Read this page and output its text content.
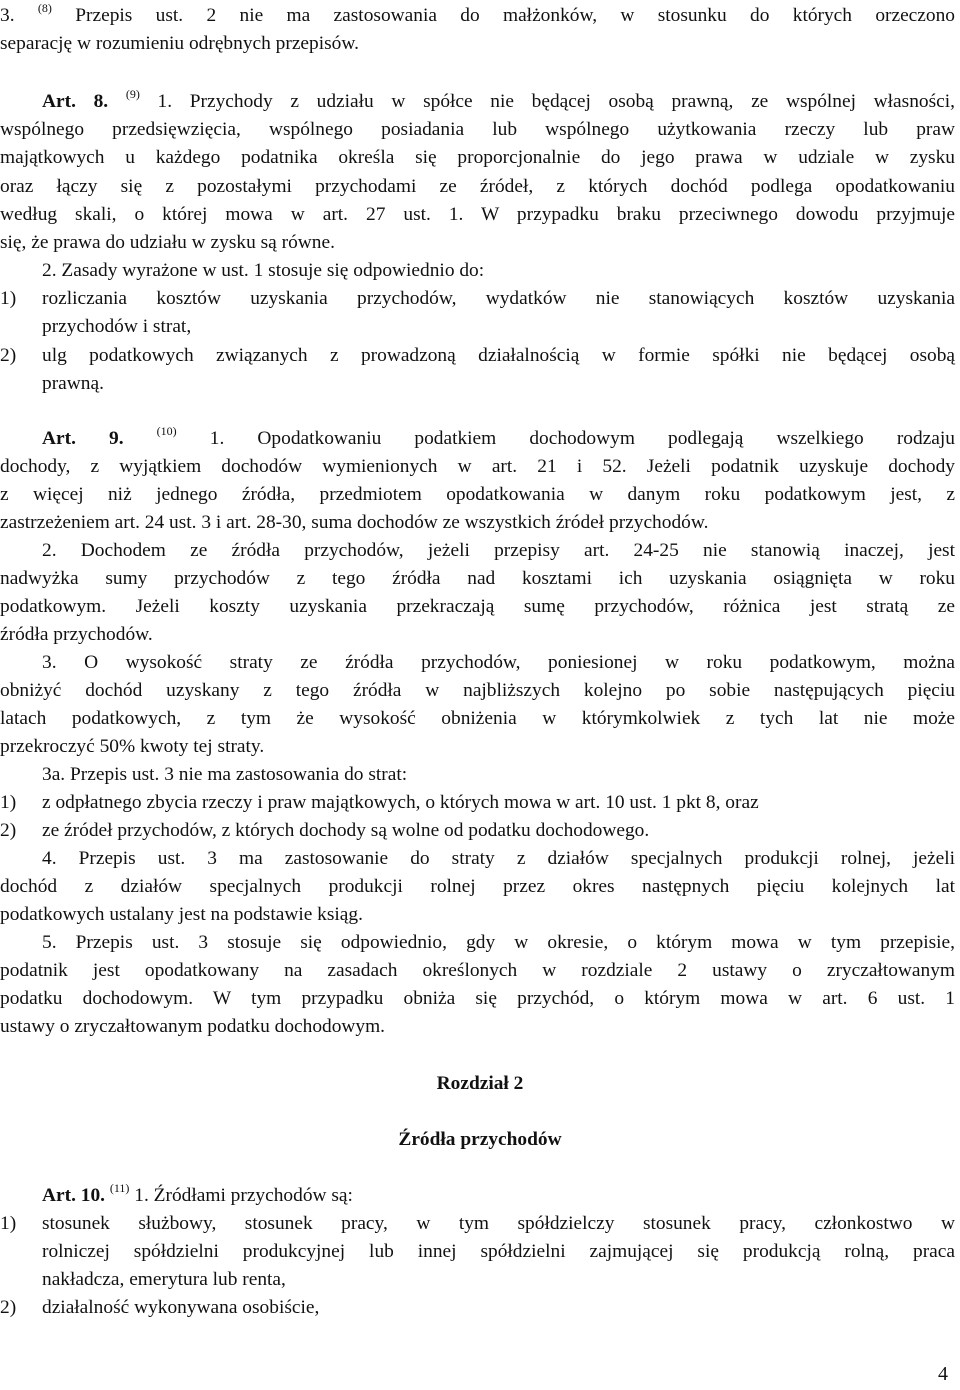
3. $^{(8)}$ Przepis ust. 2 nie ma zastosowania do małżonków, w stosunku do których orzeczono
separację w rozumieniu odrębnych przepisów.
Art. 8. $^{(9)}$ 1. Przychody z udziału w spółce nie będącej osobą prawną, ze wspólnej własności,
wspólnego przedsięwzięcia, wspólnego posiadania lub wspólnego użytkowania rzeczy lub praw
majątkowych u każdego podatnika określa się proporcjonalnie do jego prawa w udziale w zysku
oraz łączy się z pozostałymi przychodami ze źródeł, z których dochód podlega opodatkowaniu
według skali, o której mowa w art. 27 ust. 1. W przypadku braku przeciwnego dowodu przyjmuje
się, że prawa do udziału w zysku są równe.
2. Zasady wyrażone w ust. 1 stosuje się odpowiednio do:
1) rozliczania kosztów uzyskania przychodów, wydatków nie stanowiących kosztów uzyskania
przychodów i strat,
2) ulg podatkowych związanych z prowadzoną działalnością w formie spółki nie będącej osobą
prawną.
Art. 9.	$^{(10)}$ 1. Opodatkowaniu podatkiem dochodowym podlegają wszelkiego rodzaju
dochody, z wyjątkiem dochodów wymienionych w art. 21 i 52. Jeżeli podatnik uzyskuje dochody
z więcej niż jednego źródła, przedmiotem opodatkowania w danym roku podatkowym jest, z
zastrzeżeniem art. 24 ust. 3 i art. 28-30, suma dochodów ze wszystkich źródeł przychodów.
2. Dochodem ze źródła przychodów, jeżeli przepisy art. 24-25 nie stanowią inaczej, jest
nadwyżka sumy przychodów z tego źródła nad kosztami ich uzyskania osiągnięta w roku
podatkowym. Jeżeli koszty uzyskania przekraczają sumę przychodów, różnica jest stratą ze
źródła przychodów.
3. O wysokość straty ze źródła przychodów, poniesionej w roku podatkowym, można
obniżyć dochód uzyskany z tego źródła w najbliższych kolejno po sobie następujących pięciu
latach podatkowych, z tym że wysokość obniżenia w którymkolwiek z tych lat nie może
przekroczyć 50% kwoty tej straty.
3a. Przepis ust. 3 nie ma zastosowania do strat:
1) z odpłatnego zbycia rzeczy i praw majątkowych, o których mowa w art. 10 ust. 1 pkt 8, oraz
2) ze źródeł przychodów, z których dochody są wolne od podatku dochodowego.
4. Przepis ust. 3 ma zastosowanie do straty z działów specjalnych produkcji rolnej, jeżeli
dochód z działów specjalnych produkcji rolnej przez okres następnych pięciu kolejnych lat
podatkowych ustalany jest na podstawie ksiąg.
5. Przepis ust. 3 stosuje się odpowiednio, gdy w okresie, o którym mowa w tym przepisie,
podatnik jest opodatkowany na zasadach określonych w rozdziale 2 ustawy o zryczałtowanym
podatku dochodowym. W tym przypadku obniża się przychód, o którym mowa w art. 6 ust. 1
ustawy o zryczałtowanym podatku dochodowym.
Rozdział 2
Źródła przychodów
Art. 10. $^{(11)}$ 1. Źródłami przychodów są:
1) stosunek służbowy, stosunek pracy, w tym spółdzielczy stosunek pracy, członkostwo w
rolniczej spółdzielni produkcyjnej lub innej spółdzielni zajmującej się produkcją rolną, praca
nakładcza, emerytura lub renta,
2) działalność wykonywana osobiście,
4
